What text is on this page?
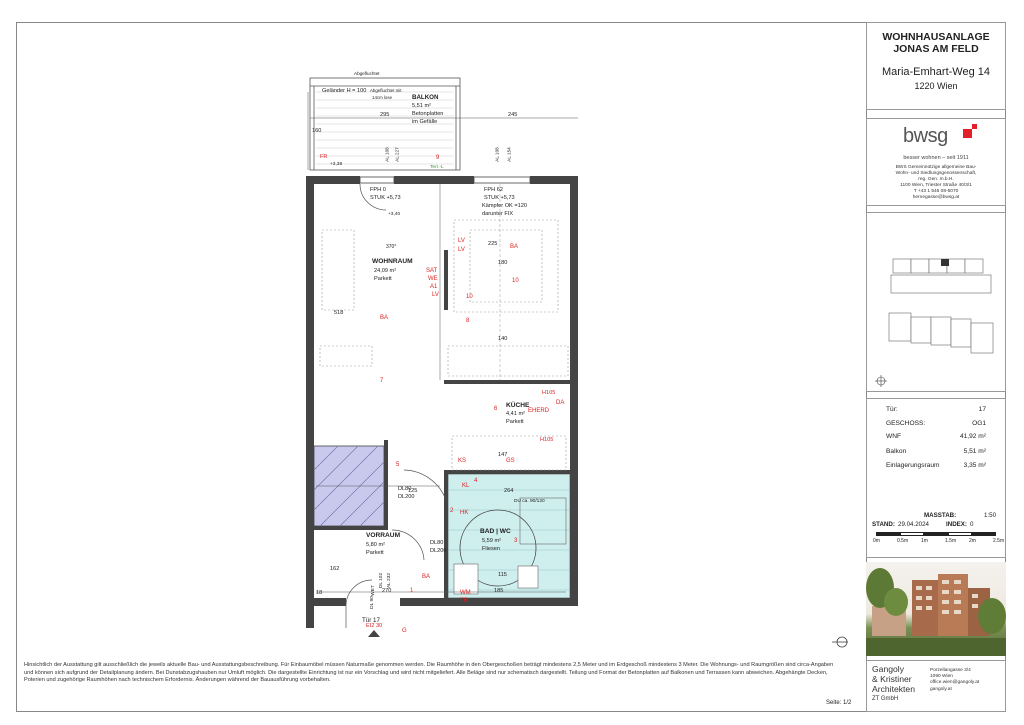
WOHNHAUSANLAGE
JONAS AM FELD
Maria-Emhart-Weg 14
1220 Wien
bwsg
besser wohnen – seit 1911
BWS Gemeinnützige allgemeine Bau-
Wohn- und Siedlungsgenossenschaft,
reg. Gen. m.b.H.
1100 Wien, Triester Straße 40/3/1
T +43 1 546 08-5070
hernegasse@bwsg.at
Tür:	17
GESCHOSS:	OG1
WNF	41,92 m²
Balkon	5,51 m²
Einlagerungsraum	3,35 m²
MASSTAB:	1:50
STAND: 29.04.2024	INDEX: 0
0m	0.5m	1m	1.5m	2m	2.5m
Gangoly
& Kristiner
Architekten
ZT GmbH
Porzellangasse 3/4
1090 Wien
office.wien@gangoly.at
gangoly.at
Hinsichtlich der Ausstattung gilt ausschließlich die jeweils aktuelle Bau- und Ausstattungsbeschreibung. Für Einbaumöbel müssen Naturmaße genommen werden. Die Raumhöhe in den Obergeschoßen beträgt mindestens 2,5 Meter und im Erdgeschoß mindestens 3 Meter. Die Wohnungs- und Raumgrößen sind circa-Angaben und können sich aufgrund der Detailplanung ändern. Bei Dunstabzugshauben nur Umluft möglich. Die dargestellte Einrichtung ist nur ein Vorschlag und wird nicht mitgeliefert. Alle Beläge sind nur schematisch dargestellt. Teilung und Format der Betonplatten auf Balkonen und Terrassen kann abweichen. Abgehängte Decken, Poterien und zugehörige Raumhöhen nach technischem Erfordernis. Änderungen während der Bauausführung vorbehalten.
Seite: 1/2
BALKON
5,51 m²
Betonplatten
im Gefälle
WOHNRAUM
24,09 m²
Parkett
KÜCHE
4,41 m²
Parkett
BAD | WC
5,59 m²
Fliesen
VORRAUM
5,80 m²
Parkett
Geländer H = 100
Abgefluchtet
Abgefluchtet mit
14cm lose
295	245
160
225
180
140
518
125
147
115
185
264
162
270
FPH 0
STUK +5,73
FPH 62
STUK +5,73
Kämpfer OK =120
darunter FIX
DL80
DL200
DL80
DL200
DU ca. 90/120
Tür 17
EI2 30
FR
+3,38
Terr.-L
+3,40
SAT
WE
A1
LV
LV
LV
BA
BA
BA
KS	GS
EHERD
DA
H105
H105
HK
KL
WM
TR
G
AL 108 AL 227	AL 108 AL 154
370°
10
10
9
8
7
6
5
4
3
2
1
18	WET
DL 90
DL 102 AL 232
